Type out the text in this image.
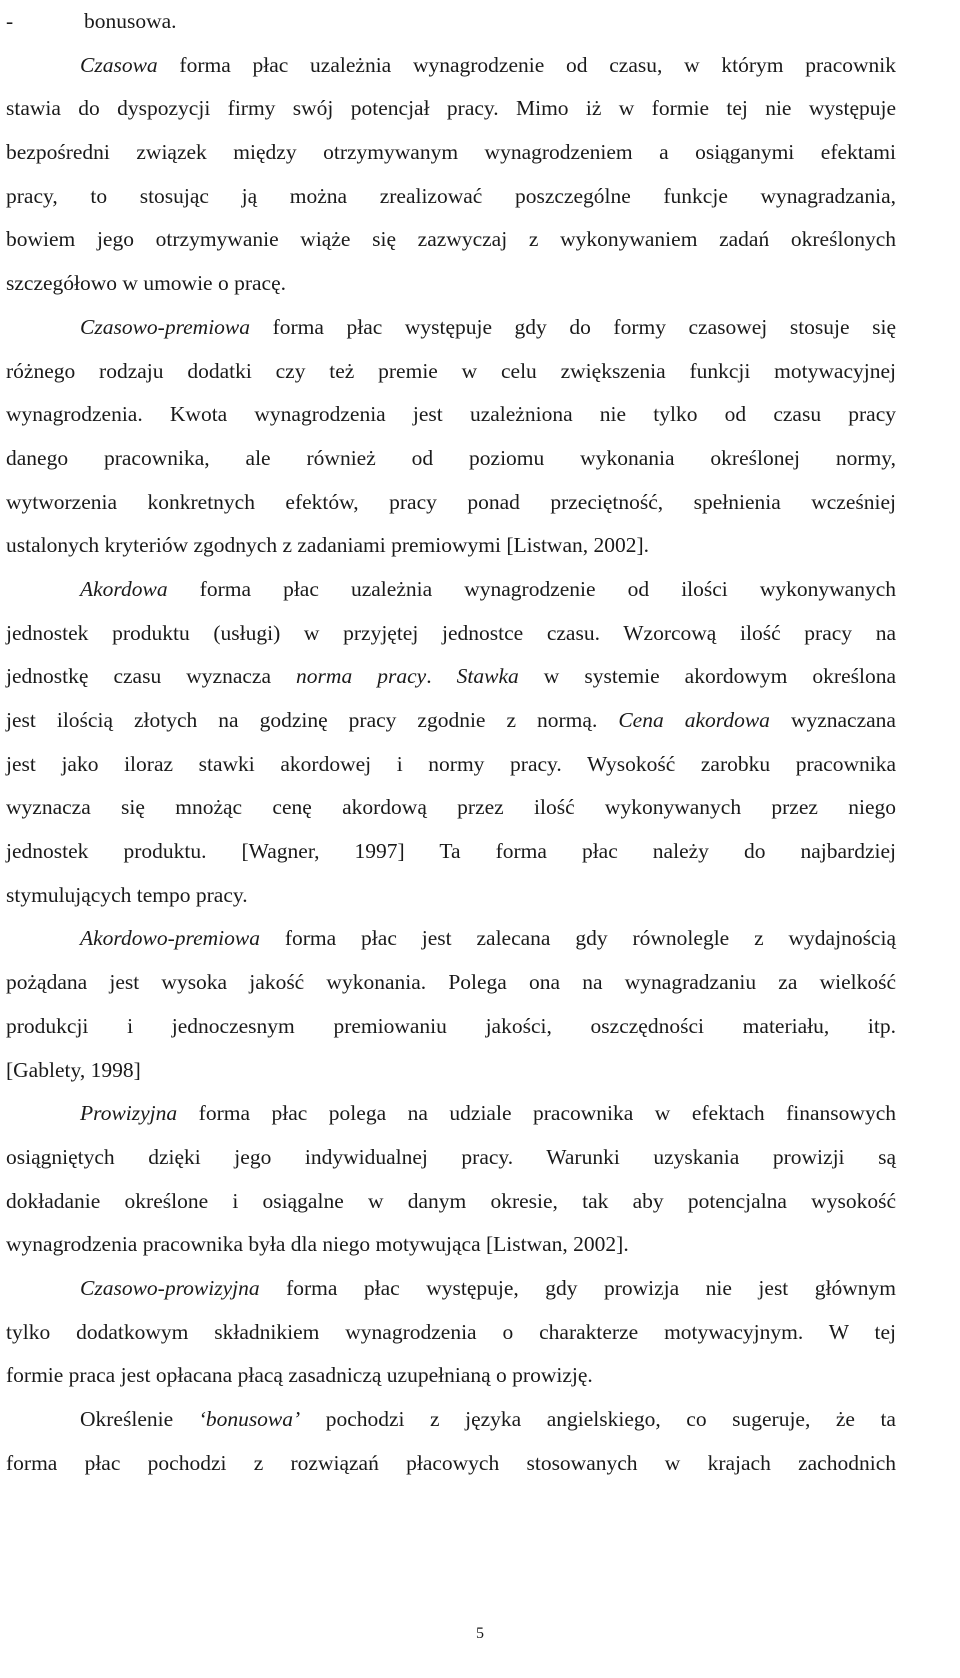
-	bonusowa.

Czasowa forma płac uzależnia wynagrodzenie od czasu, w którym pracownik

stawia do dyspozycji firmy swój potencjał pracy. Mimo iż w formie tej nie występuje

bezpośredni związek między otrzymywanym wynagrodzeniem a osiąganymi efektami

pracy, to stosując ją można zrealizować poszczególne funkcje wynagradzania,

bowiem jego otrzymywanie wiąże się zazwyczaj z wykonywaniem zadań określonych

szczegółowo w umowie o pracę.

Czasowo-premiowa forma płac występuje gdy do formy czasowej stosuje się

różnego rodzaju dodatki czy też premie w celu zwiększenia funkcji motywacyjnej

wynagrodzenia. Kwota wynagrodzenia jest uzależniona nie tylko od czasu pracy

danego pracownika, ale również od poziomu wykonania określonej normy,

wytworzenia konkretnych efektów, pracy ponad przeciętność, spełnienia wcześniej

ustalonych kryteriów zgodnych z zadaniami premiowymi [Listwan, 2002].

Akordowa forma płac uzależnia wynagrodzenie od ilości wykonywanych

jednostek produktu (usługi) w przyjętej jednostce czasu. Wzorcową ilość pracy na

jednostkę czasu wyznacza norma pracy. Stawka w systemie akordowym określona

jest ilością złotych na godzinę pracy zgodnie z normą. Cena akordowa wyznaczana

jest jako iloraz stawki akordowej i normy pracy. Wysokość zarobku pracownika

wyznacza się mnożąc cenę akordową przez ilość wykonywanych przez niego

jednostek produktu. [Wagner, 1997] Ta forma płac należy do najbardziej

stymulujących tempo pracy.

Akordowo-premiowa forma płac jest zalecana gdy równolegle z wydajnością

pożądana jest wysoka jakość wykonania. Polega ona na wynagradzaniu za wielkość

produkcji i jednoczesnym premiowaniu jakości, oszczędności materiału, itp.

[Gablety, 1998]

Prowizyjna forma płac polega na udziale pracownika w efektach finansowych

osiągniętych dzięki jego indywidualnej pracy. Warunki uzyskania prowizji są

dokładanie określone i osiągalne w danym okresie, tak aby potencjalna wysokość

wynagrodzenia pracownika była dla niego motywująca [Listwan, 2002].

Czasowo-prowizyjna forma płac występuje, gdy prowizja nie jest głównym

tylko dodatkowym składnikiem wynagrodzenia o charakterze motywacyjnym. W tej

formie praca jest opłacana płacą zasadniczą uzupełnianą o prowizję.

Określenie ‘bonusowa’ pochodzi z języka angielskiego, co sugeruje, że ta

forma płac pochodzi z rozwiązań płacowych stosowanych w krajach zachodnich

5
